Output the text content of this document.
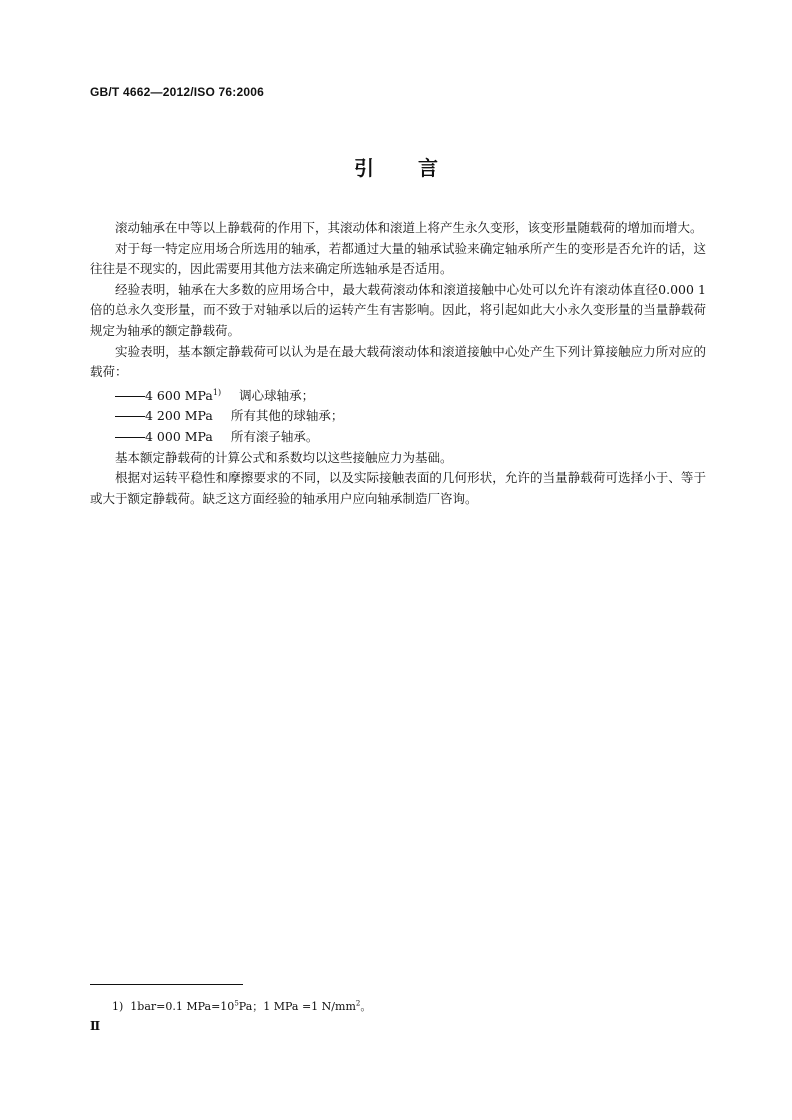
GB/T 4662—2012/ISO 76:2006
引言

滚动轴承在中等以上静载荷的作用下，其滚动体和滚道上将产生永久变形，该变形量随载荷的增加而增大。

对于每一特定应用场合所选用的轴承，若都通过大量的轴承试验来确定轴承所产生的变形是否允许的话，这往往是不现实的，因此需要用其他方法来确定所选轴承是否适用。

经验表明，轴承在大多数的应用场合中，最大载荷滚动体和滚道接触中心处可以允许有滚动体直径0.000 1倍的总永久变形量，而不致于对轴承以后的运转产生有害影响。因此，将引起如此大小永久变形量的当量静载荷规定为轴承的额定静载荷。

实验表明，基本额定静载荷可以认为是在最大载荷滚动体和滚道接触中心处产生下列计算接触应力所对应的载荷：

4 600 MPa$^{1)}$ 调心球轴承；
4 200 MPa 所有其他的球轴承；
4 000 MPa 所有滚子轴承。

基本额定静载荷的计算公式和系数均以这些接触应力为基础。

根据对运转平稳性和摩擦要求的不同，以及实际接触表面的几何形状，允许的当量静载荷可选择小于、等于或大于额定静载荷。缺乏这方面经验的轴承用户应向轴承制造厂咨询。

1) 1bar=0.1 $MPa=10^5Pa$；1 MPa =1 $N/mm^2$。
Ⅱ
